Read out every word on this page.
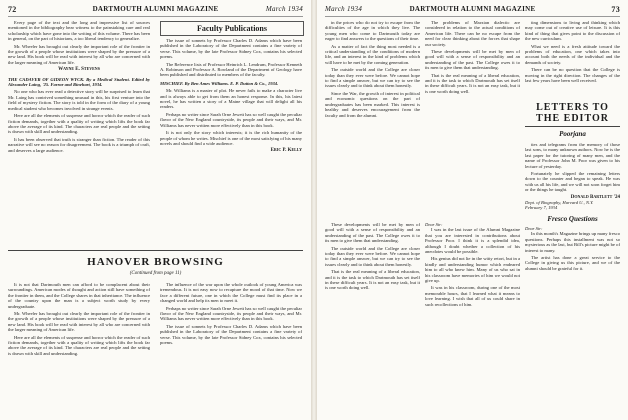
72	DARTMOUTH ALUMNI MAGAZINE	March 1934

Every page of the text and the long and impressive list of sources mentioned in the bibliography bear witness to the painstaking care and real scholarship which have gone into the writing of this volume. There has been in general, on the part of historians, a too liberal tendency to generalize.

Mr. Wheeler has brought out clearly the important role of the frontier in the growth of a people whose institutions were shaped by the pressure of a new land. His book will be read with interest by all who are concerned with the larger meaning of American life.

Wayne E. Stevens
THE CADAVER OF GIDEON WYCK. By a Medical Student. Edited by Alexander Laing, '25. Farrar and Rinehart, 1934.

No one who has ever read a detective story will be surprised to learn that Mr. Laing has contrived something unusual in this, his first venture into the field of mystery fiction. The story is told in the form of the diary of a young medical student who becomes involved in strange events.

Here are all the elements of suspense and horror which the reader of such fiction demands, together with a quality of writing which lifts the book far above the average of its kind. The characters are real people and the setting is drawn with skill and understanding.

It has been observed that truth is stranger than fiction. The reader of this narrative will see no reason for disagreement. The book is a triumph of craft, and deserves a large audience.

Faculty Publications

The issue of sonnets by Professor Charles D. Adams which have been published in the Laboratory of the Department contains a fine variety of verse. This volume, by the late Professor Sidney Cox, contains his selected poems.

The Reference lists of Professor Heinrich L. Lendrum, Professor Kenneth A. Robinson and Professor A. Rowland of the Department of Geology have been published and distributed to members of the faculty.

MISCHIEF. By Ben Ames Williams. E. P. Dutton & Co., 1934.

Mr. Williams is a master of plot. He never fails to make a character live and is always able to get from them an honest response. In this, his latest novel, he has written a story of a Maine village that will delight all his readers.

Perhaps no writer since Sarah Orne Jewett has so well caught the peculiar flavor of the New England countryside, its people and their ways, and Mr. Williams has never written more effectively than in this book.

It is not only the story which interests; it is the rich humanity of the people of whom he writes. Mischief is one of the most satisfying of his many novels and should find a wide audience.

Eric P. Kelly
HANOVER BROWSING
(Continued from page 11)

It is not that Dartmouth men can afford to be complacent about their surroundings. American modes of thought and action still have something of the frontier in them, and the College shares in that inheritance. The influence of the country upon the man is a subject worth study by every undergraduate.

Mr. Wheeler has brought out clearly the important role of the frontier in the growth of a people whose institutions were shaped by the pressure of a new land. His book will be read with interest by all who are concerned with the larger meaning of American life.

Here are all the elements of suspense and horror which the reader of such fiction demands, together with a quality of writing which lifts the book far above the average of its kind. The characters are real people and the setting is drawn with skill and understanding.

The influence of the war upon the whole outlook of young America was tremendous. It is not easy now to recapture the mood of that time. Now we face a different future, one in which the College must find its place in a changed world and help its men to meet it.

Perhaps no writer since Sarah Orne Jewett has so well caught the peculiar flavor of the New England countryside, its people and their ways, and Mr. Williams has never written more effectively than in this book.

The issue of sonnets by Professor Charles D. Adams which have been published in the Laboratory of the Department contains a fine variety of verse. This volume, by the late Professor Sidney Cox, contains his selected poems.

March 1934	DARTMOUTH ALUMNI MAGAZINE	73

in the prices who do not try to escape from the difficulties of the age in which they live. The young men who come to Dartmouth today are eager to find answers to the questions of their time.

As a matter of fact the thing most needed is a critical understanding of the conditions of modern life, and an interest in the kind of problems which will have to be met by the coming generation.

The outside world and the College are closer today than they ever were before. We cannot hope to find a simple answer, but we can try to see the issues clearly and to think about them honestly.

Since the War, the growth of interest in political and economic questions on the part of undergraduates has been marked. This interest is healthy and deserves encouragement from the faculty and from the alumni.

The problems of Marxian dialectic are considered in relation to the actual conditions of American life. There can be no escape from the need for clear thinking about the forces that shape our society.

These developments will be met by men of good will with a sense of responsibility and an understanding of the past. The College owes it to its men to give them that understanding.

That is the real meaning of a liberal education, and it is the task to which Dartmouth has set itself in these difficult years. It is not an easy task, but it is one worth doing well.

ting dimensions to living and thinking which may come out of creative use of leisure. It is this kind of thing that gives point to the discussion of the new curriculum.

What we need is a fresh attitude toward the problems of education, one which takes into account both the needs of the individual and the demands of society.

There can be no question that the College is moving in the right direction. The changes of the last few years have been well received.

LETTERS TO THE EDITOR
Poorjana
Dear Sir:

I was in the last issue of the Alumni Magazine that you are interested in contributions about Professor Poor. I think it is a splendid idea, although I doubt whether a collection of his anecdotes would be possible.

His genius did not lie in the witty retort, but in a kindly and understanding humor which endeared him to all who knew him. Many of us who sat in his classroom have memories of him we would not give up.

It was in his classroom, during one of the most memorable hours, that I learned what it means to love learning. I wish that all of us could share in such recollections of him.

These developments will be met by men of good will with a sense of responsibility and an understanding of the past. The College owes it to its men to give them that understanding.

The outside world and the College are closer today than they ever were before. We cannot hope to find a simple answer, but we can try to see the issues clearly and to think about them honestly.

That is the real meaning of a liberal education, and it is the task to which Dartmouth has set itself in these difficult years. It is not an easy task, but it is one worth doing well.

ties and telegrams from the memory of those last sons, to many unknown authors. Now he is the last paper for the tutoring of many men, and the name of Professor John M. Poor was given to his lecture of yesterday.

Fortunately he slipped the remaining letters down to the counter and began to speak. He was with us all his life, and we will not soon forget him or the things he taught.

Donald Bartlett '24
Dept. of Biography, Harvard U., N.Y.
February 7, 1934
Fresco Questions
Dear Sir:

In this month's Magazine brings up many fresco questions. Perhaps this installment was not so mysterious as the last, but Bill's picture might be of interest to many.

The artist has done a great service to the College in giving us this picture, and we of the alumni should be grateful for it.
